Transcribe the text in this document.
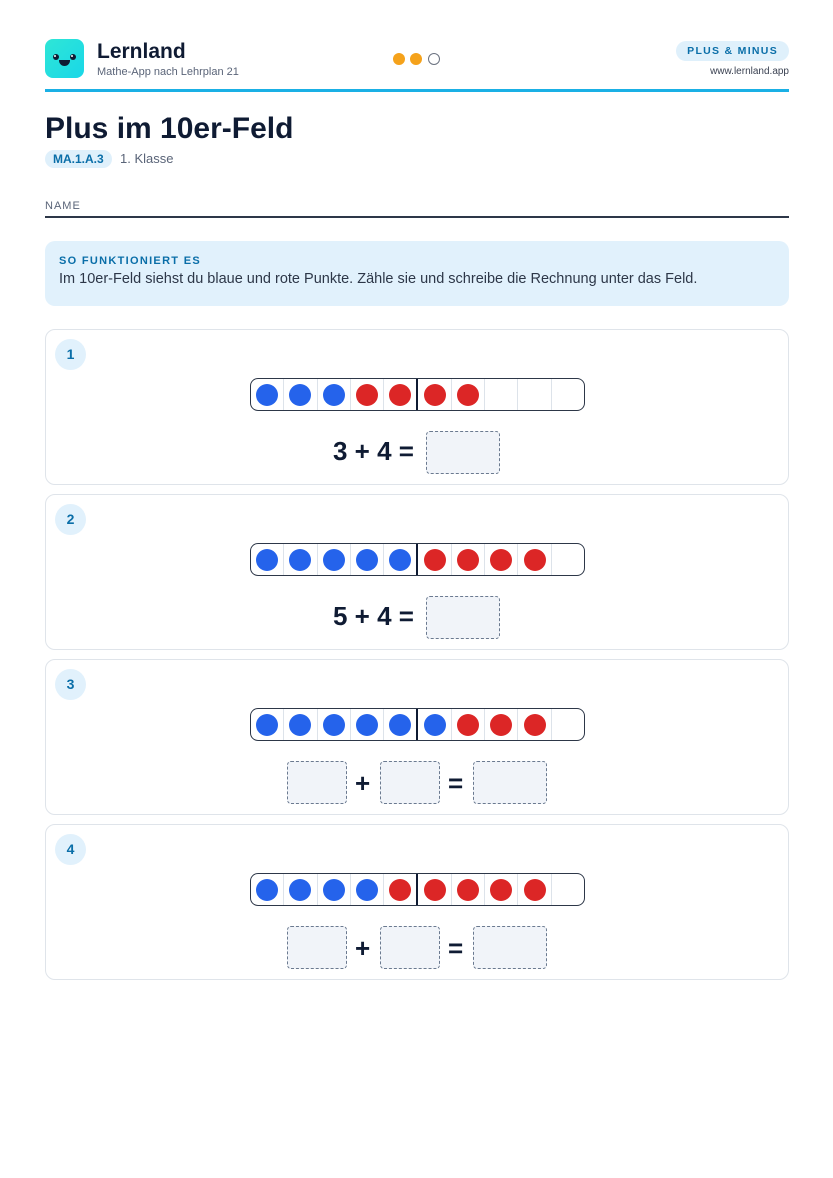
Lernland
Mathe-App nach Lehrplan 21
PLUS & MINUS
www.lernland.app
Plus im 10er-Feld
MA.1.A.3	1. Klasse
NAME
SO FUNKTIONIERT ES
Im 10er-Feld siehst du blaue und rote Punkte. Zähle sie und schreibe die Rechnung unter das Feld.
1
3 + 4 =
2
5 + 4 =
3
+	=
4
+	=
